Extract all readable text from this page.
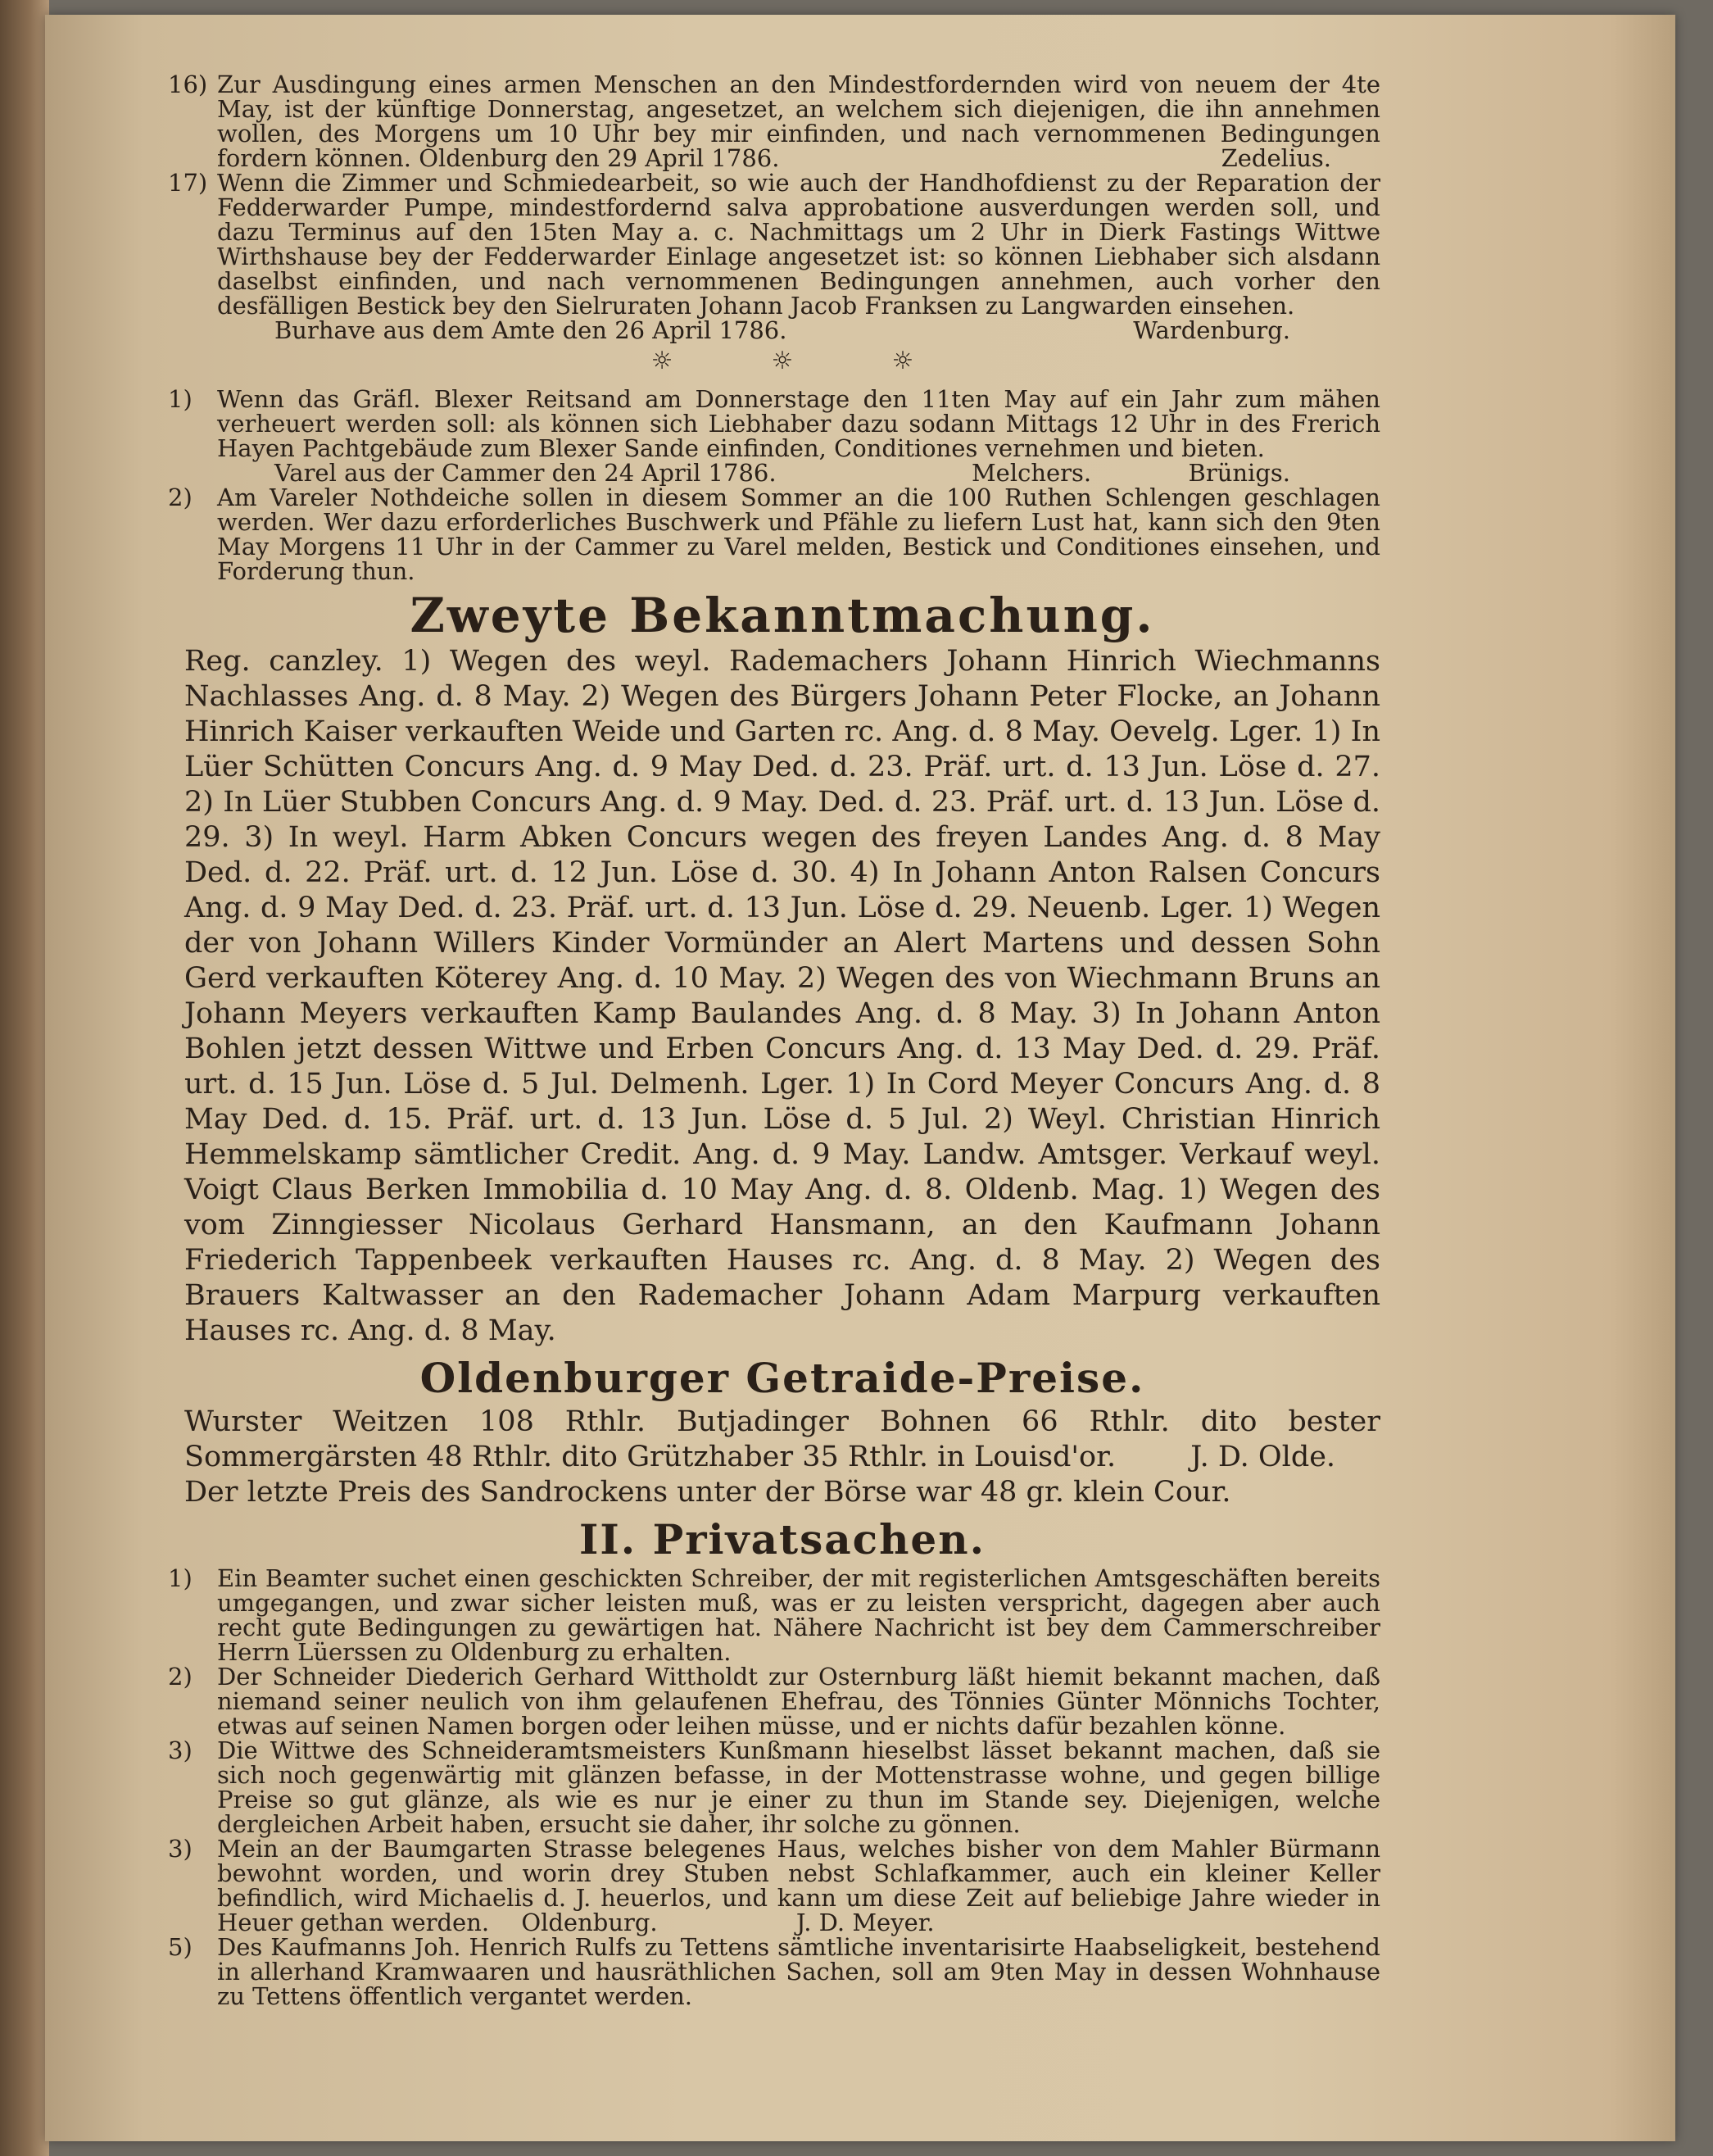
16) Zur Ausdingung eines armen Menschen an den Mindestfordernden wird von neuem der 4te May, ist der künftige Donnerstag, angesetzet, an welchem sich diejenigen, die ihn annehmen wollen, des Morgens um 10 Uhr bey mir einfinden, und nach vernommenen Bedingungen fordern können. Oldenburg den 29 April 1786.	Zedelius.
17) Wenn die Zimmer und Schmiedearbeit, so wie auch der Handhofdienst zu der Reparation der Fedderwarder Pumpe, mindestfordernd salva approbatione ausverdungen werden soll, und dazu Terminus auf den 15ten May a. c. Nachmittags um 2 Uhr in Dierk Fastings Wittwe Wirthshause bey der Fedderwarder Einlage angesetzet ist: so können Liebhaber sich alsdann daselbst einfinden, und nach vernommenen Bedingungen annehmen, auch vorher den desfälligen Bestick bey den Sielruraten Johann Jacob Franksen zu Langwarden einsehen.
Burhave aus dem Amte den 26 April 1786.	Wardenburg.
☼	☼	☼
1) Wenn das Gräfl. Blexer Reitsand am Donnerstage den 11ten May auf ein Jahr zum mähen verheuert werden soll: als können sich Liebhaber dazu sodann Mittags 12 Uhr in des Frerich Hayen Pachtgebäude zum Blexer Sande einfinden, Conditiones vernehmen und bieten.
Varel aus der Cammer den 24 April 1786.	Melchers.	Brünigs.
2) Am Vareler Nothdeiche sollen in diesem Sommer an die 100 Ruthen Schlengen geschlagen werden. Wer dazu erforderliches Buschwerk und Pfähle zu liefern Lust hat, kann sich den 9ten May Morgens 11 Uhr in der Cammer zu Varel melden, Bestick und Conditiones einsehen, und Forderung thun.
Zweyte Bekanntmachung.
Reg. canzley. 1) Wegen des weyl. Rademachers Johann Hinrich Wiechmanns Nachlasses Ang. d. 8 May. 2) Wegen des Bürgers Johann Peter Flocke, an Johann Hinrich Kaiser verkauften Weide und Garten rc. Ang. d. 8 May. Oevelg. Lger. 1) In Lüer Schütten Concurs Ang. d. 9 May Ded. d. 23. Präf. urt. d. 13 Jun. Löse d. 27. 2) In Lüer Stubben Concurs Ang. d. 9 May. Ded. d. 23. Präf. urt. d. 13 Jun. Löse d. 29. 3) In weyl. Harm Abken Concurs wegen des freyen Landes Ang. d. 8 May Ded. d. 22. Präf. urt. d. 12 Jun. Löse d. 30. 4) In Johann Anton Ralsen Concurs Ang. d. 9 May Ded. d. 23. Präf. urt. d. 13 Jun. Löse d. 29. Neuenb. Lger. 1) Wegen der von Johann Willers Kinder Vormünder an Alert Martens und dessen Sohn Gerd verkauften Köterey Ang. d. 10 May. 2) Wegen des von Wiechmann Bruns an Johann Meyers verkauften Kamp Baulandes Ang. d. 8 May. 3) In Johann Anton Bohlen jetzt dessen Wittwe und Erben Concurs Ang. d. 13 May Ded. d. 29. Präf. urt. d. 15 Jun. Löse d. 5 Jul. Delmenh. Lger. 1) In Cord Meyer Concurs Ang. d. 8 May Ded. d. 15. Präf. urt. d. 13 Jun. Löse d. 5 Jul. 2) Weyl. Christian Hinrich Hemmelskamp sämtlicher Credit. Ang. d. 9 May. Landw. Amtsger. Verkauf weyl. Voigt Claus Berken Immobilia d. 10 May Ang. d. 8. Oldenb. Mag. 1) Wegen des vom Zinngiesser Nicolaus Gerhard Hansmann, an den Kaufmann Johann Friederich Tappenbeek verkauften Hauses rc. Ang. d. 8 May. 2) Wegen des Brauers Kaltwasser an den Rademacher Johann Adam Marpurg verkauften Hauses rc. Ang. d. 8 May.
Oldenburger Getraide-Preise.
Wurster Weitzen 108 Rthlr. Butjadinger Bohnen 66 Rthlr. dito bester Sommergärsten 48 Rthlr. dito Grützhaber 35 Rthlr. in Louisd'or.	J. D. Olde.
Der letzte Preis des Sandrockens unter der Börse war 48 gr. klein Cour.
II. Privatsachen.
1) Ein Beamter suchet einen geschickten Schreiber, der mit registerlichen Amtsgeschäften bereits umgegangen, und zwar sicher leisten muß, was er zu leisten verspricht, dagegen aber auch recht gute Bedingungen zu gewärtigen hat. Nähere Nachricht ist bey dem Cammerschreiber Herrn Lüerssen zu Oldenburg zu erhalten.
2) Der Schneider Diederich Gerhard Wittholdt zur Osternburg läßt hiemit bekannt machen, daß niemand seiner neulich von ihm gelaufenen Ehefrau, des Tönnies Günter Mönnichs Tochter, etwas auf seinen Namen borgen oder leihen müsse, und er nichts dafür bezahlen könne.
3) Die Wittwe des Schneideramtsmeisters Kunßmann hieselbst lässet bekannt machen, daß sie sich noch gegenwärtig mit glänzen befasse, in der Mottenstrasse wohne, und gegen billige Preise so gut glänze, als wie es nur je einer zu thun im Stande sey. Diejenigen, welche dergleichen Arbeit haben, ersucht sie daher, ihr solche zu gönnen.
3) Mein an der Baumgarten Strasse belegenes Haus, welches bisher von dem Mahler Bürmann bewohnt worden, und worin drey Stuben nebst Schlafkammer, auch ein kleiner Keller befindlich, wird Michaelis d. J. heuerlos, und kann um diese Zeit auf beliebige Jahre wieder in Heuer gethan werden. Oldenburg.	J. D. Meyer.
5) Des Kaufmanns Joh. Henrich Rulfs zu Tettens sämtliche inventarisirte Haabseligkeit, bestehend in allerhand Kramwaaren und hausräthlichen Sachen, soll am 9ten May in dessen Wohnhause zu Tettens öffentlich vergantet werden.
